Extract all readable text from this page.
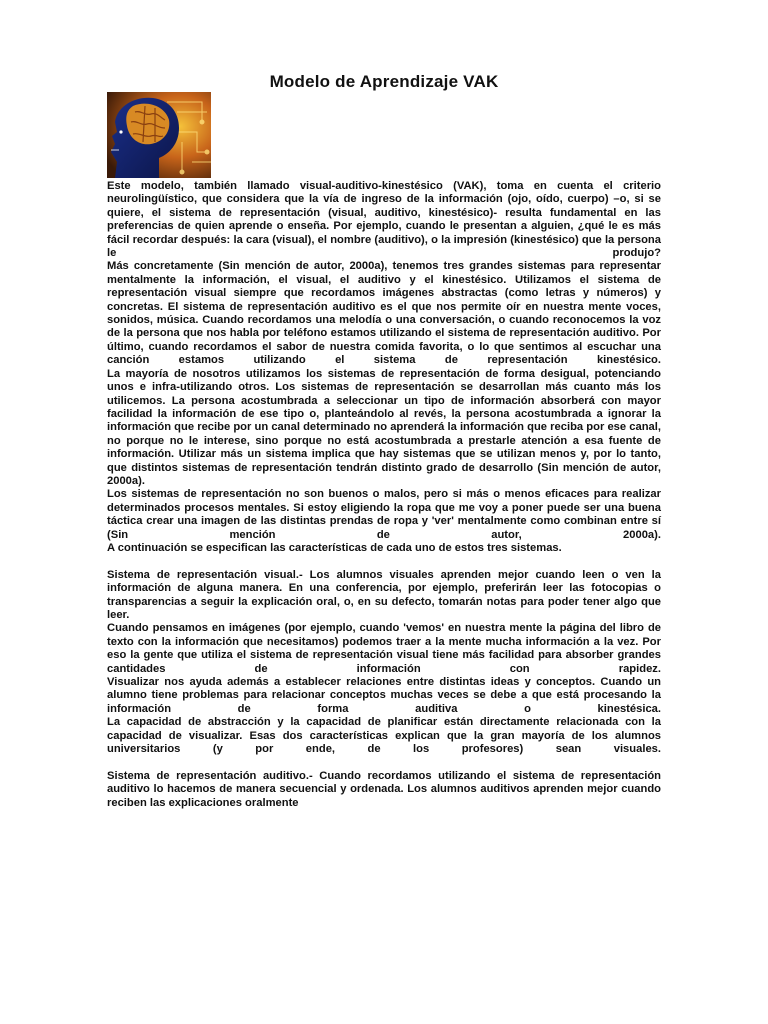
Modelo de Aprendizaje VAK

Este modelo, también llamado visual-auditivo-kinestésico (VAK), toma en cuenta el criterio neurolingüístico, que considera que la vía de ingreso de la información (ojo, oído, cuerpo) –o, si se quiere, el sistema de representación (visual, auditivo, kinestésico)- resulta fundamental en las preferencias de quien aprende o enseña. Por ejemplo, cuando le presentan a alguien, ¿qué le es más fácil recordar después: la cara (visual), el nombre (auditivo), o la impresión (kinestésico) que la persona le produjo?

Más concretamente (Sin mención de autor, 2000a), tenemos tres grandes sistemas para representar mentalmente la información, el visual, el auditivo y el kinestésico. Utilizamos el sistema de representación visual siempre que recordamos imágenes abstractas (como letras y números) y concretas. El sistema de representación auditivo es el que nos permite oír en nuestra mente voces, sonidos, música. Cuando recordamos una melodía o una conversación, o cuando reconocemos la voz de la persona que nos habla por teléfono estamos utilizando el sistema de representación auditivo. Por último, cuando recordamos el sabor de nuestra comida favorita, o lo que sentimos al escuchar una canción estamos utilizando el sistema de representación kinestésico.

La mayoría de nosotros utilizamos los sistemas de representación de forma desigual, potenciando unos e infra-utilizando otros. Los sistemas de representación se desarrollan más cuanto más los utilicemos. La persona acostumbrada a seleccionar un tipo de información absorberá con mayor facilidad la información de ese tipo o, planteándolo al revés, la persona acostumbrada a ignorar la información que recibe por un canal determinado no aprenderá la información que reciba por ese canal, no porque no le interese, sino porque no está acostumbrada a prestarle atención a esa fuente de información. Utilizar más un sistema implica que hay sistemas que se utilizan menos y, por lo tanto, que distintos sistemas de representación tendrán distinto grado de desarrollo (Sin mención de autor, 2000a).

Los sistemas de representación no son buenos o malos, pero si más o menos eficaces para realizar determinados procesos mentales. Si estoy eligiendo la ropa que me voy a poner puede ser una buena táctica crear una imagen de las distintas prendas de ropa y 'ver' mentalmente como combinan entre sí (Sin mención de autor, 2000a).

A continuación se especifican las características de cada uno de estos tres sistemas.

Sistema de representación visual.- Los alumnos visuales aprenden mejor cuando leen o ven la información de alguna manera. En una conferencia, por ejemplo, preferirán leer las fotocopias o transparencias a seguir la explicación oral, o, en su defecto, tomarán notas para poder tener algo que leer.

Cuando pensamos en imágenes (por ejemplo, cuando 'vemos' en nuestra mente la página del libro de texto con la información que necesitamos) podemos traer a la mente mucha información a la vez. Por eso la gente que utiliza el sistema de representación visual tiene más facilidad para absorber grandes cantidades de información con rapidez.

Visualizar nos ayuda además a establecer relaciones entre distintas ideas y conceptos. Cuando un alumno tiene problemas para relacionar conceptos muchas veces se debe a que está procesando la información de forma auditiva o kinestésica.

La capacidad de abstracción y la capacidad de planificar están directamente relacionada con la capacidad de visualizar. Esas dos características explican que la gran mayoría de los alumnos universitarios (y por ende, de los profesores) sean visuales.

Sistema de representación auditivo.- Cuando recordamos utilizando el sistema de representación auditivo lo hacemos de manera secuencial y ordenada. Los alumnos auditivos aprenden mejor cuando reciben las explicaciones oralmente
